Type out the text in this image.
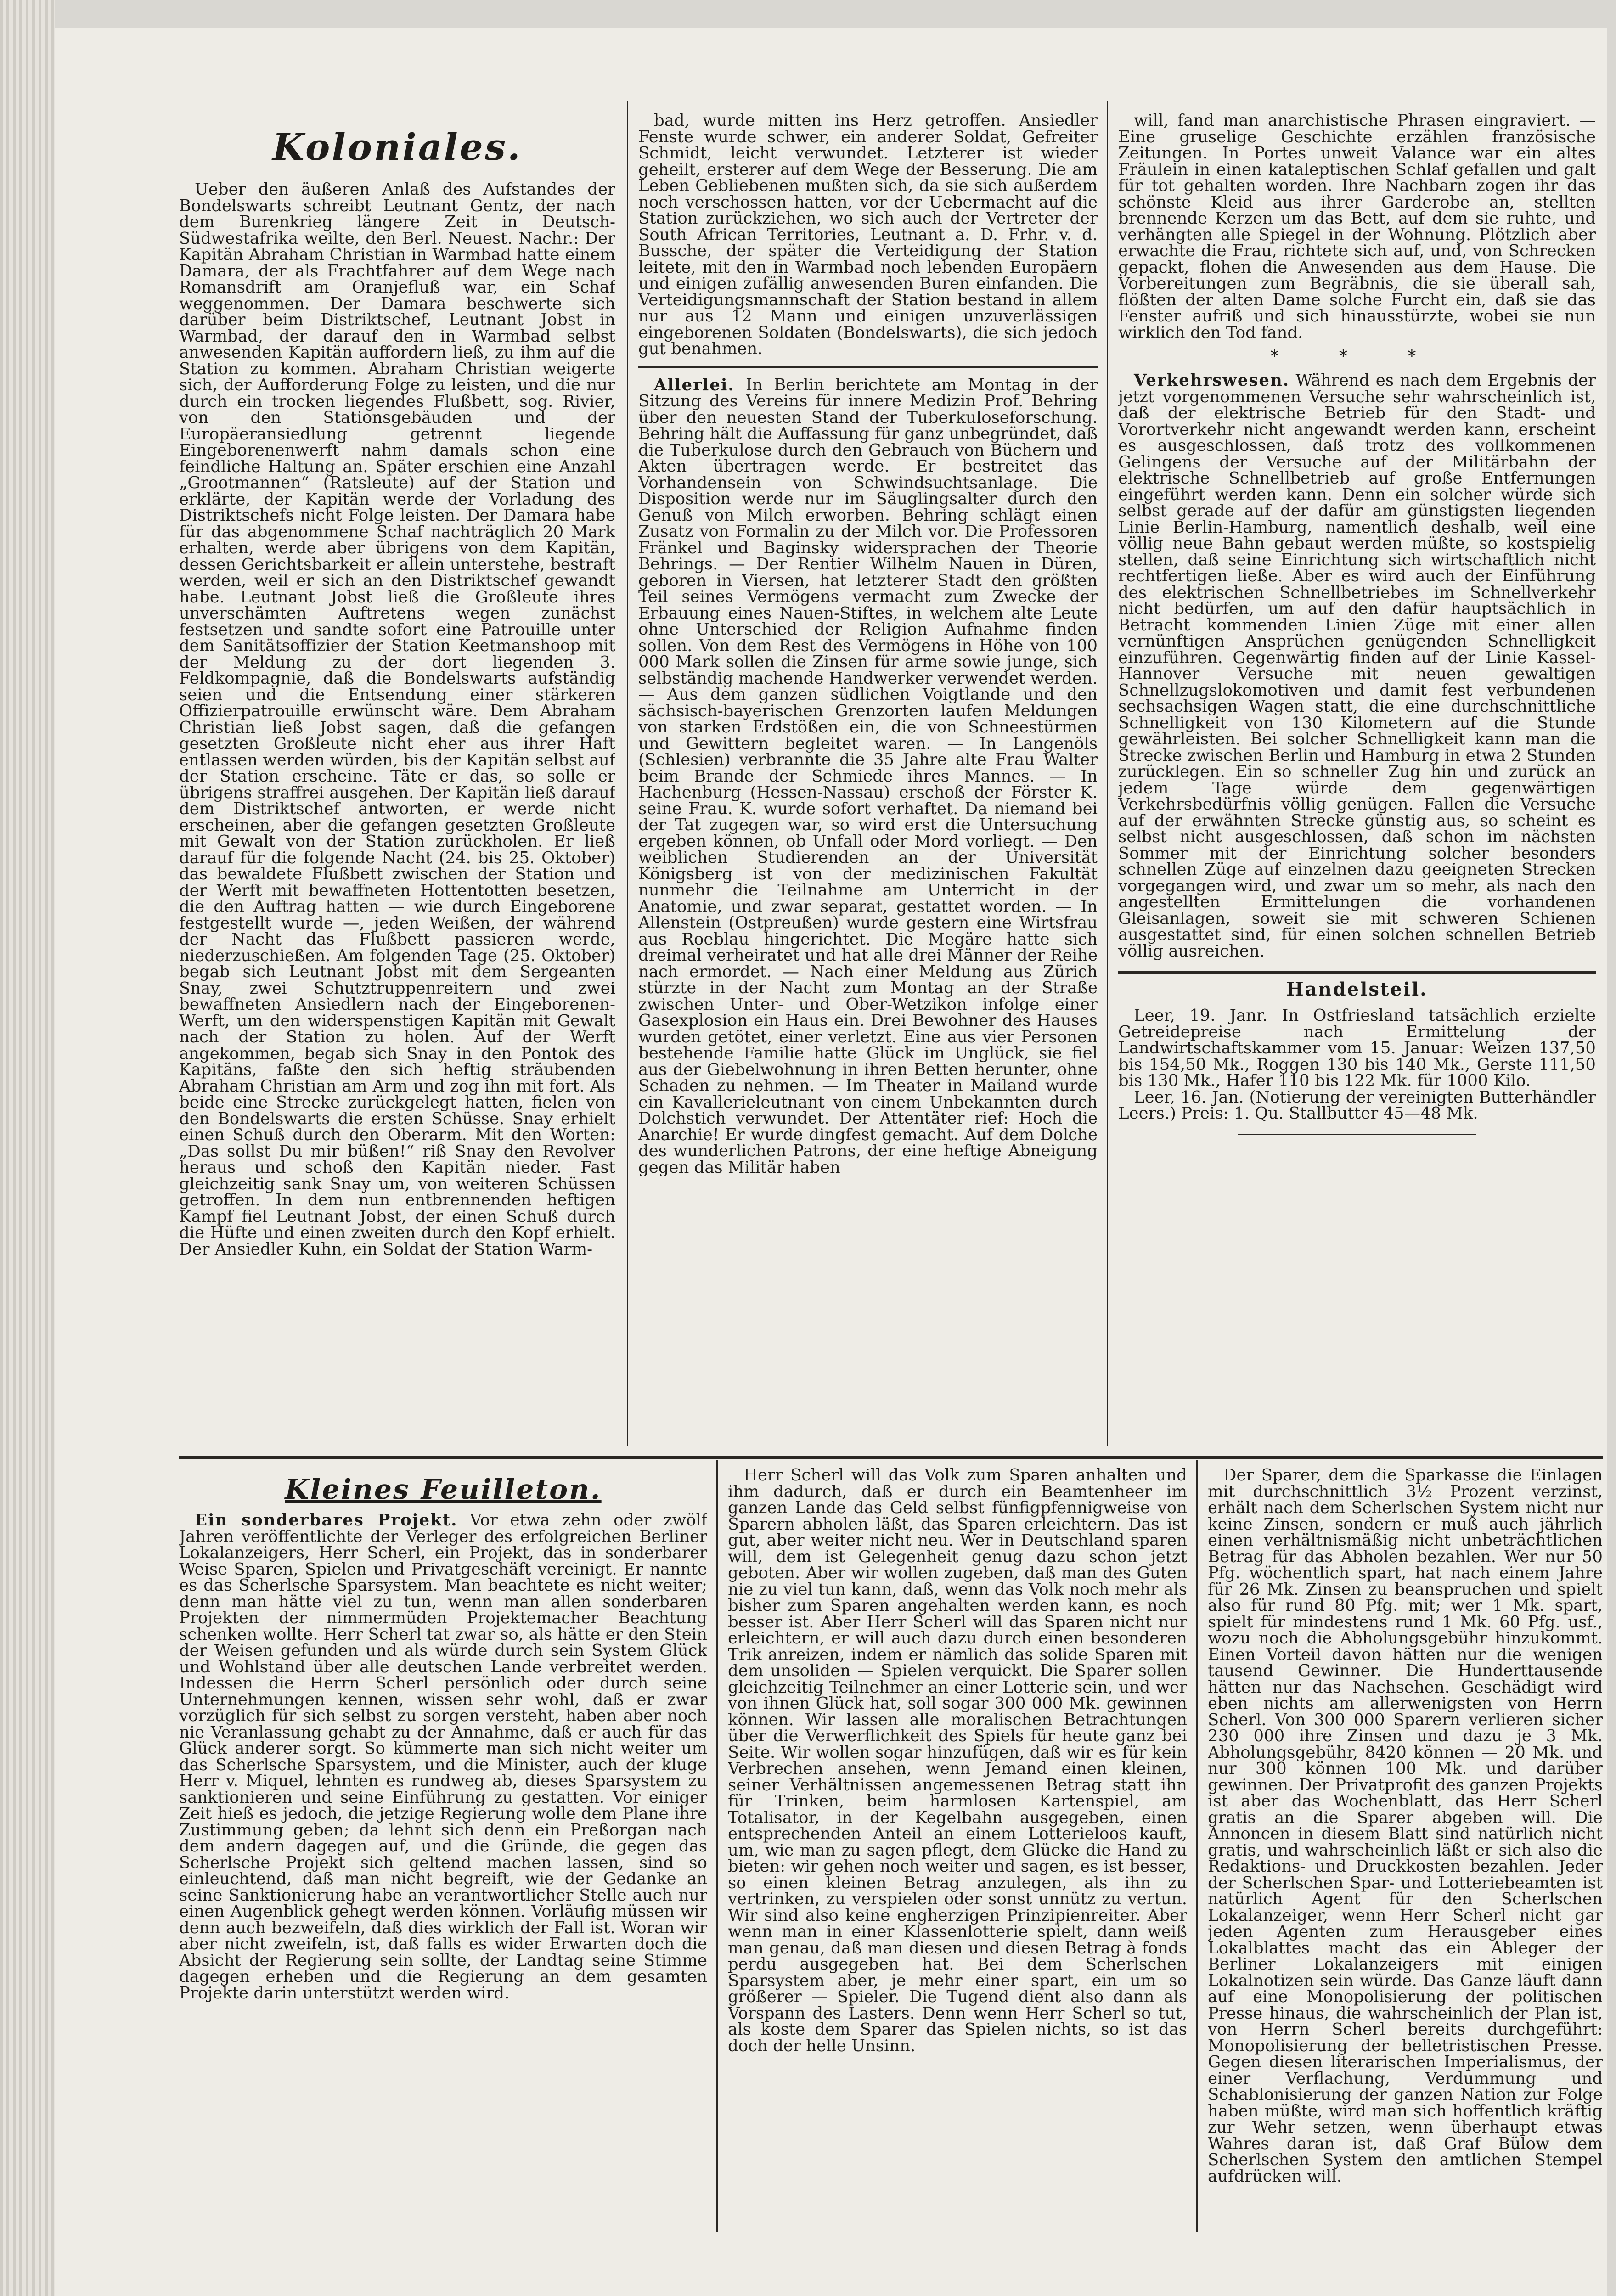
Koloniales.

Ueber den äußeren Anlaß des Aufstandes der Bondelswarts schreibt Leutnant Gentz, der nach dem Burenkrieg längere Zeit in Deutsch-Südwestafrika weilte, den Berl. Neuest. Nachr.: Der Kapitän Abraham Christian in Warmbad hatte einem Damara, der als Frachtfahrer auf dem Wege nach Romansdrift am Oranjefluß war, ein Schaf weggenommen. Der Damara beschwerte sich darüber beim Distriktschef, Leutnant Jobst in Warmbad, der darauf den in Warmbad selbst anwesenden Kapitän auffordern ließ, zu ihm auf die Station zu kommen. Abraham Christian weigerte sich, der Aufforderung Folge zu leisten, und die nur durch ein trocken liegendes Flußbett, sog. Rivier, von den Stationsgebäuden und der Europäeransiedlung getrennt liegende Eingeborenenwerft nahm damals schon eine feindliche Haltung an. Später erschien eine Anzahl „Grootmannen“ (Ratsleute) auf der Station und erklärte, der Kapitän werde der Vorladung des Distriktschefs nicht Folge leisten. Der Damara habe für das abgenommene Schaf nachträglich 20 Mark erhalten, werde aber übrigens von dem Kapitän, dessen Gerichtsbarkeit er allein unterstehe, bestraft werden, weil er sich an den Distriktschef gewandt habe. Leutnant Jobst ließ die Großleute ihres unverschämten Auftretens wegen zunächst festsetzen und sandte sofort eine Patrouille unter dem Sanitätsoffizier der Station Keetmanshoop mit der Meldung zu der dort liegenden 3. Feldkompagnie, daß die Bondelswarts aufständig seien und die Entsendung einer stärkeren Offizierpatrouille erwünscht wäre. Dem Abraham Christian ließ Jobst sagen, daß die gefangen gesetzten Großleute nicht eher aus ihrer Haft entlassen werden würden, bis der Kapitän selbst auf der Station erscheine. Täte er das, so solle er übrigens straffrei ausgehen. Der Kapitän ließ darauf dem Distriktschef antworten, er werde nicht erscheinen, aber die gefangen gesetzten Großleute mit Gewalt von der Station zurückholen. Er ließ darauf für die folgende Nacht (24. bis 25. Oktober) das bewaldete Flußbett zwischen der Station und der Werft mit bewaffneten Hottentotten besetzen, die den Auftrag hatten — wie durch Eingeborene festgestellt wurde —, jeden Weißen, der während der Nacht das Flußbett passieren werde, niederzuschießen. Am folgenden Tage (25. Oktober) begab sich Leutnant Jobst mit dem Sergeanten Snay, zwei Schutztruppenreitern und zwei bewaffneten Ansiedlern nach der Eingeborenen-Werft, um den widerspenstigen Kapitän mit Gewalt nach der Station zu holen. Auf der Werft angekommen, begab sich Snay in den Pontok des Kapitäns, faßte den sich heftig sträubenden Abraham Christian am Arm und zog ihn mit fort. Als beide eine Strecke zurückgelegt hatten, fielen von den Bondelswarts die ersten Schüsse. Snay erhielt einen Schuß durch den Oberarm. Mit den Worten: „Das sollst Du mir büßen!“ riß Snay den Revolver heraus und schoß den Kapitän nieder. Fast gleichzeitig sank Snay um, von weiteren Schüssen getroffen. In dem nun entbrennenden heftigen Kampf fiel Leutnant Jobst, der einen Schuß durch die Hüfte und einen zweiten durch den Kopf erhielt. Der Ansiedler Kuhn, ein Soldat der Station Warm-

bad, wurde mitten ins Herz getroffen. Ansiedler Fenste wurde schwer, ein anderer Soldat, Gefreiter Schmidt, leicht verwundet. Letzterer ist wieder geheilt, ersterer auf dem Wege der Besserung. Die am Leben Gebliebenen mußten sich, da sie sich außerdem noch verschossen hatten, vor der Uebermacht auf die Station zurückziehen, wo sich auch der Vertreter der South African Territories, Leutnant a. D. Frhr. v. d. Bussche, der später die Verteidigung der Station leitete, mit den in Warmbad noch lebenden Europäern und einigen zufällig anwesenden Buren einfanden. Die Verteidigungsmannschaft der Station bestand in allem nur aus 12 Mann und einigen unzuverlässigen eingeborenen Soldaten (Bondelswarts), die sich jedoch gut benahmen.

Allerlei. In Berlin berichtete am Montag in der Sitzung des Vereins für innere Medizin Prof. Behring über den neuesten Stand der Tuberkuloseforschung. Behring hält die Auffassung für ganz unbegründet, daß die Tuberkulose durch den Gebrauch von Büchern und Akten übertragen werde. Er bestreitet das Vorhandensein von Schwindsuchtsanlage. Die Disposition werde nur im Säuglingsalter durch den Genuß von Milch erworben. Behring schlägt einen Zusatz von Formalin zu der Milch vor. Die Professoren Fränkel und Baginsky widersprachen der Theorie Behrings. — Der Rentier Wilhelm Nauen in Düren, geboren in Viersen, hat letzterer Stadt den größten Teil seines Vermögens vermacht zum Zwecke der Erbauung eines Nauen-Stiftes, in welchem alte Leute ohne Unterschied der Religion Aufnahme finden sollen. Von dem Rest des Vermögens in Höhe von 100 000 Mark sollen die Zinsen für arme sowie junge, sich selbständig machende Handwerker verwendet werden. — Aus dem ganzen südlichen Voigtlande und den sächsisch-bayerischen Grenzorten laufen Meldungen von starken Erdstößen ein, die von Schneestürmen und Gewittern begleitet waren. — In Langenöls (Schlesien) verbrannte die 35 Jahre alte Frau Walter beim Brande der Schmiede ihres Mannes. — In Hachenburg (Hessen-Nassau) erschoß der Förster K. seine Frau. K. wurde sofort verhaftet. Da niemand bei der Tat zugegen war, so wird erst die Untersuchung ergeben können, ob Unfall oder Mord vorliegt. — Den weiblichen Studierenden an der Universität Königsberg ist von der medizinischen Fakultät nunmehr die Teilnahme am Unterricht in der Anatomie, und zwar separat, gestattet worden. — In Allenstein (Ostpreußen) wurde gestern eine Wirtsfrau aus Roeblau hingerichtet. Die Megäre hatte sich dreimal verheiratet und hat alle drei Männer der Reihe nach ermordet. — Nach einer Meldung aus Zürich stürzte in der Nacht zum Montag an der Straße zwischen Unter- und Ober-Wetzikon infolge einer Gasexplosion ein Haus ein. Drei Bewohner des Hauses wurden getötet, einer verletzt. Eine aus vier Personen bestehende Familie hatte Glück im Unglück, sie fiel aus der Giebelwohnung in ihren Betten herunter, ohne Schaden zu nehmen. — Im Theater in Mailand wurde ein Kavallerieleutnant von einem Unbekannten durch Dolchstich verwundet. Der Attentäter rief: Hoch die Anarchie! Er wurde dingfest gemacht. Auf dem Dolche des wunderlichen Patrons, der eine heftige Abneigung gegen das Militär haben

will, fand man anarchistische Phrasen eingraviert. — Eine gruselige Geschichte erzählen französische Zeitungen. In Portes unweit Valance war ein altes Fräulein in einen kataleptischen Schlaf gefallen und galt für tot gehalten worden. Ihre Nachbarn zogen ihr das schönste Kleid aus ihrer Garderobe an, stellten brennende Kerzen um das Bett, auf dem sie ruhte, und verhängten alle Spiegel in der Wohnung. Plötzlich aber erwachte die Frau, richtete sich auf, und, von Schrecken gepackt, flohen die Anwesenden aus dem Hause. Die Vorbereitungen zum Begräbnis, die sie überall sah, flößten der alten Dame solche Furcht ein, daß sie das Fenster aufriß und sich hinausstürzte, wobei sie nun wirklich den Tod fand.

* * *

Verkehrswesen. Während es nach dem Ergebnis der jetzt vorgenommenen Versuche sehr wahrscheinlich ist, daß der elektrische Betrieb für den Stadt- und Vorortverkehr nicht angewandt werden kann, erscheint es ausgeschlossen, daß trotz des vollkommenen Gelingens der Versuche auf der Militärbahn der elektrische Schnellbetrieb auf große Entfernungen eingeführt werden kann. Denn ein solcher würde sich selbst gerade auf der dafür am günstigsten liegenden Linie Berlin-Hamburg, namentlich deshalb, weil eine völlig neue Bahn gebaut werden müßte, so kostspielig stellen, daß seine Einrichtung sich wirtschaftlich nicht rechtfertigen ließe. Aber es wird auch der Einführung des elektrischen Schnellbetriebes im Schnellverkehr nicht bedürfen, um auf den dafür hauptsächlich in Betracht kommenden Linien Züge mit einer allen vernünftigen Ansprüchen genügenden Schnelligkeit einzuführen. Gegenwärtig finden auf der Linie Kassel-Hannover Versuche mit neuen gewaltigen Schnellzugslokomotiven und damit fest verbundenen sechsachsigen Wagen statt, die eine durchschnittliche Schnelligkeit von 130 Kilometern auf die Stunde gewährleisten. Bei solcher Schnelligkeit kann man die Strecke zwischen Berlin und Hamburg in etwa 2 Stunden zurücklegen. Ein so schneller Zug hin und zurück an jedem Tage würde dem gegenwärtigen Verkehrsbedürfnis völlig genügen. Fallen die Versuche auf der erwähnten Strecke günstig aus, so scheint es selbst nicht ausgeschlossen, daß schon im nächsten Sommer mit der Einrichtung solcher besonders schnellen Züge auf einzelnen dazu geeigneten Strecken vorgegangen wird, und zwar um so mehr, als nach den angestellten Ermittelungen die vorhandenen Gleisanlagen, soweit sie mit schweren Schienen ausgestattet sind, für einen solchen schnellen Betrieb völlig ausreichen.

Handelsteil.

Leer, 19. Janr. In Ostfriesland tatsächlich erzielte Getreidepreise nach Ermittelung der Landwirtschaftskammer vom 15. Januar: Weizen 137,50 bis 154,50 Mk., Roggen 130 bis 140 Mk., Gerste 111,50 bis 130 Mk., Hafer 110 bis 122 Mk. für 1000 Kilo.

Leer, 16. Jan. (Notierung der vereinigten Butterhändler Leers.) Preis: 1. Qu. Stallbutter 45—48 Mk.

Kleines Feuilleton.

Ein sonderbares Projekt. Vor etwa zehn oder zwölf Jahren veröffentlichte der Verleger des erfolgreichen Berliner Lokalanzeigers, Herr Scherl, ein Projekt, das in sonderbarer Weise Sparen, Spielen und Privatgeschäft vereinigt. Er nannte es das Scherlsche Sparsystem. Man beachtete es nicht weiter; denn man hätte viel zu tun, wenn man allen sonderbaren Projekten der nimmermüden Projektemacher Beachtung schenken wollte. Herr Scherl tat zwar so, als hätte er den Stein der Weisen gefunden und als würde durch sein System Glück und Wohlstand über alle deutschen Lande verbreitet werden. Indessen die Herrn Scherl persönlich oder durch seine Unternehmungen kennen, wissen sehr wohl, daß er zwar vorzüglich für sich selbst zu sorgen versteht, haben aber noch nie Veranlassung gehabt zu der Annahme, daß er auch für das Glück anderer sorgt. So kümmerte man sich nicht weiter um das Scherlsche Sparsystem, und die Minister, auch der kluge Herr v. Miquel, lehnten es rundweg ab, dieses Sparsystem zu sanktionieren und seine Einführung zu gestatten. Vor einiger Zeit hieß es jedoch, die jetzige Regierung wolle dem Plane ihre Zustimmung geben; da lehnt sich denn ein Preßorgan nach dem andern dagegen auf, und die Gründe, die gegen das Scherlsche Projekt sich geltend machen lassen, sind so einleuchtend, daß man nicht begreift, wie der Gedanke an seine Sanktionierung habe an verantwortlicher Stelle auch nur einen Augenblick gehegt werden können. Vorläufig müssen wir denn auch bezweifeln, daß dies wirklich der Fall ist. Woran wir aber nicht zweifeln, ist, daß falls es wider Erwarten doch die Absicht der Regierung sein sollte, der Landtag seine Stimme dagegen erheben und die Regierung an dem gesamten Projekte darin unterstützt werden wird.

Herr Scherl will das Volk zum Sparen anhalten und ihm dadurch, daß er durch ein Beamtenheer im ganzen Lande das Geld selbst fünfigpfennigweise von Sparern abholen läßt, das Sparen erleichtern. Das ist gut, aber weiter nicht neu. Wer in Deutschland sparen will, dem ist Gelegenheit genug dazu schon jetzt geboten. Aber wir wollen zugeben, daß man des Guten nie zu viel tun kann, daß, wenn das Volk noch mehr als bisher zum Sparen angehalten werden kann, es noch besser ist. Aber Herr Scherl will das Sparen nicht nur erleichtern, er will auch dazu durch einen besonderen Trik anreizen, indem er nämlich das solide Sparen mit dem unsoliden — Spielen verquickt. Die Sparer sollen gleichzeitig Teilnehmer an einer Lotterie sein, und wer von ihnen Glück hat, soll sogar 300 000 Mk. gewinnen können. Wir lassen alle moralischen Betrachtungen über die Verwerflichkeit des Spiels für heute ganz bei Seite. Wir wollen sogar hinzufügen, daß wir es für kein Verbrechen ansehen, wenn Jemand einen kleinen, seiner Verhältnissen angemessenen Betrag statt ihn für Trinken, beim harmlosen Kartenspiel, am Totalisator, in der Kegelbahn ausgegeben, einen entsprechenden Anteil an einem Lotterieloos kauft, um, wie man zu sagen pflegt, dem Glücke die Hand zu bieten: wir gehen noch weiter und sagen, es ist besser, so einen kleinen Betrag anzulegen, als ihn zu vertrinken, zu verspielen oder sonst unnütz zu vertun. Wir sind also keine engherzigen Prinzipienreiter. Aber wenn man in einer Klassenlotterie spielt, dann weiß man genau, daß man diesen und diesen Betrag à fonds perdu ausgegeben hat. Bei dem Scherlschen Sparsystem aber, je mehr einer spart, ein um so größerer — Spieler. Die Tugend dient also dann als Vorspann des Lasters. Denn wenn Herr Scherl so tut, als koste dem Sparer das Spielen nichts, so ist das doch der helle Unsinn.

Der Sparer, dem die Sparkasse die Einlagen mit durchschnittlich 3½ Prozent verzinst, erhält nach dem Scherlschen System nicht nur keine Zinsen, sondern er muß auch jährlich einen verhältnismäßig nicht unbeträchtlichen Betrag für das Abholen bezahlen. Wer nur 50 Pfg. wöchentlich spart, hat nach einem Jahre für 26 Mk. Zinsen zu beanspruchen und spielt also für rund 80 Pfg. mit; wer 1 Mk. spart, spielt für mindestens rund 1 Mk. 60 Pfg. usf., wozu noch die Abholungsgebühr hinzukommt. Einen Vorteil davon hätten nur die wenigen tausend Gewinner. Die Hunderttausende hätten nur das Nachsehen. Geschädigt wird eben nichts am allerwenigsten von Herrn Scherl. Von 300 000 Sparern verlieren sicher 230 000 ihre Zinsen und dazu je 3 Mk. Abholungsgebühr, 8420 können — 20 Mk. und nur 300 können 100 Mk. und darüber gewinnen. Der Privatprofit des ganzen Projekts ist aber das Wochenblatt, das Herr Scherl gratis an die Sparer abgeben will. Die Annoncen in diesem Blatt sind natürlich nicht gratis, und wahrscheinlich läßt er sich also die Redaktions- und Druckkosten bezahlen. Jeder der Scherlschen Spar- und Lotteriebeamten ist natürlich Agent für den Scherlschen Lokalanzeiger, wenn Herr Scherl nicht gar jeden Agenten zum Herausgeber eines Lokalblattes macht das ein Ableger der Berliner Lokalanzeigers mit einigen Lokalnotizen sein würde. Das Ganze läuft dann auf eine Monopolisierung der politischen Presse hinaus, die wahrscheinlich der Plan ist, von Herrn Scherl bereits durchgeführt: Monopolisierung der belletristischen Presse. Gegen diesen literarischen Imperialismus, der einer Verflachung, Verdummung und Schablonisierung der ganzen Nation zur Folge haben müßte, wird man sich hoffentlich kräftig zur Wehr setzen, wenn überhaupt etwas Wahres daran ist, daß Graf Bülow dem Scherlschen System den amtlichen Stempel aufdrücken will.
